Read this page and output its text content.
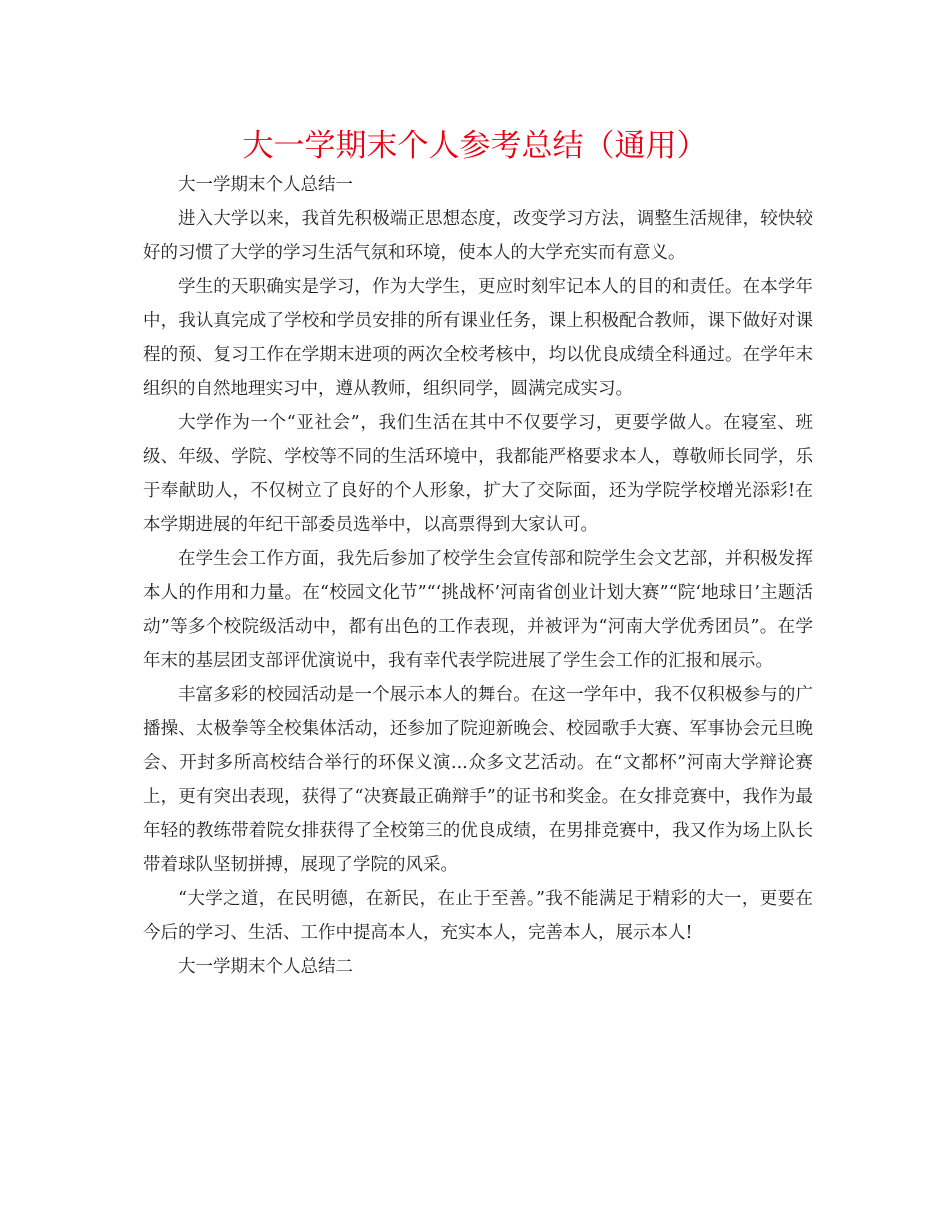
大一学期末个人参考总结（通用）

大一学期末个人总结一

进入大学以来，我首先积极端正思想态度，改变学习方法，调整生活规律，较快较好的习惯了大学的学习生活气氛和环境，使本人的大学充实而有意义。

学生的天职确实是学习，作为大学生，更应时刻牢记本人的目的和责任。在本学年中，我认真完成了学校和学员安排的所有课业任务，课上积极配合教师，课下做好对课程的预、复习工作在学期末进项的两次全校考核中，均以优良成绩全科通过。在学年末组织的自然地理实习中，遵从教师，组织同学，圆满完成实习。

大学作为一个“亚社会”，我们生活在其中不仅要学习，更要学做人。在寝室、班级、年级、学院、学校等不同的生活环境中，我都能严格要求本人，尊敬师长同学，乐于奉献助人，不仅树立了良好的个人形象，扩大了交际面，还为学院学校增光添彩!在本学期进展的年纪干部委员选举中，以高票得到大家认可。

在学生会工作方面，我先后参加了校学生会宣传部和院学生会文艺部，并积极发挥本人的作用和力量。在“校园文化节”“‘挑战杯’河南省创业计划大赛”“院‘地球日’主题活动”等多个校院级活动中，都有出色的工作表现，并被评为“河南大学优秀团员”。在学年末的基层团支部评优演说中，我有幸代表学院进展了学生会工作的汇报和展示。

丰富多彩的校园活动是一个展示本人的舞台。在这一学年中，我不仅积极参与的广播操、太极拳等全校集体活动，还参加了院迎新晚会、校园歌手大赛、军事协会元旦晚会、开封多所高校结合举行的环保义演...众多文艺活动。在“文都杯”河南大学辩论赛上，更有突出表现，获得了“决赛最正确辩手”的证书和奖金。在女排竞赛中，我作为最年轻的教练带着院女排获得了全校第三的优良成绩，在男排竞赛中，我又作为场上队长带着球队坚韧拼搏，展现了学院的风采。

“大学之道，在民明德，在新民，在止于至善。”我不能满足于精彩的大一，更要在今后的学习、生活、工作中提高本人，充实本人，完善本人，展示本人!

大一学期末个人总结二
